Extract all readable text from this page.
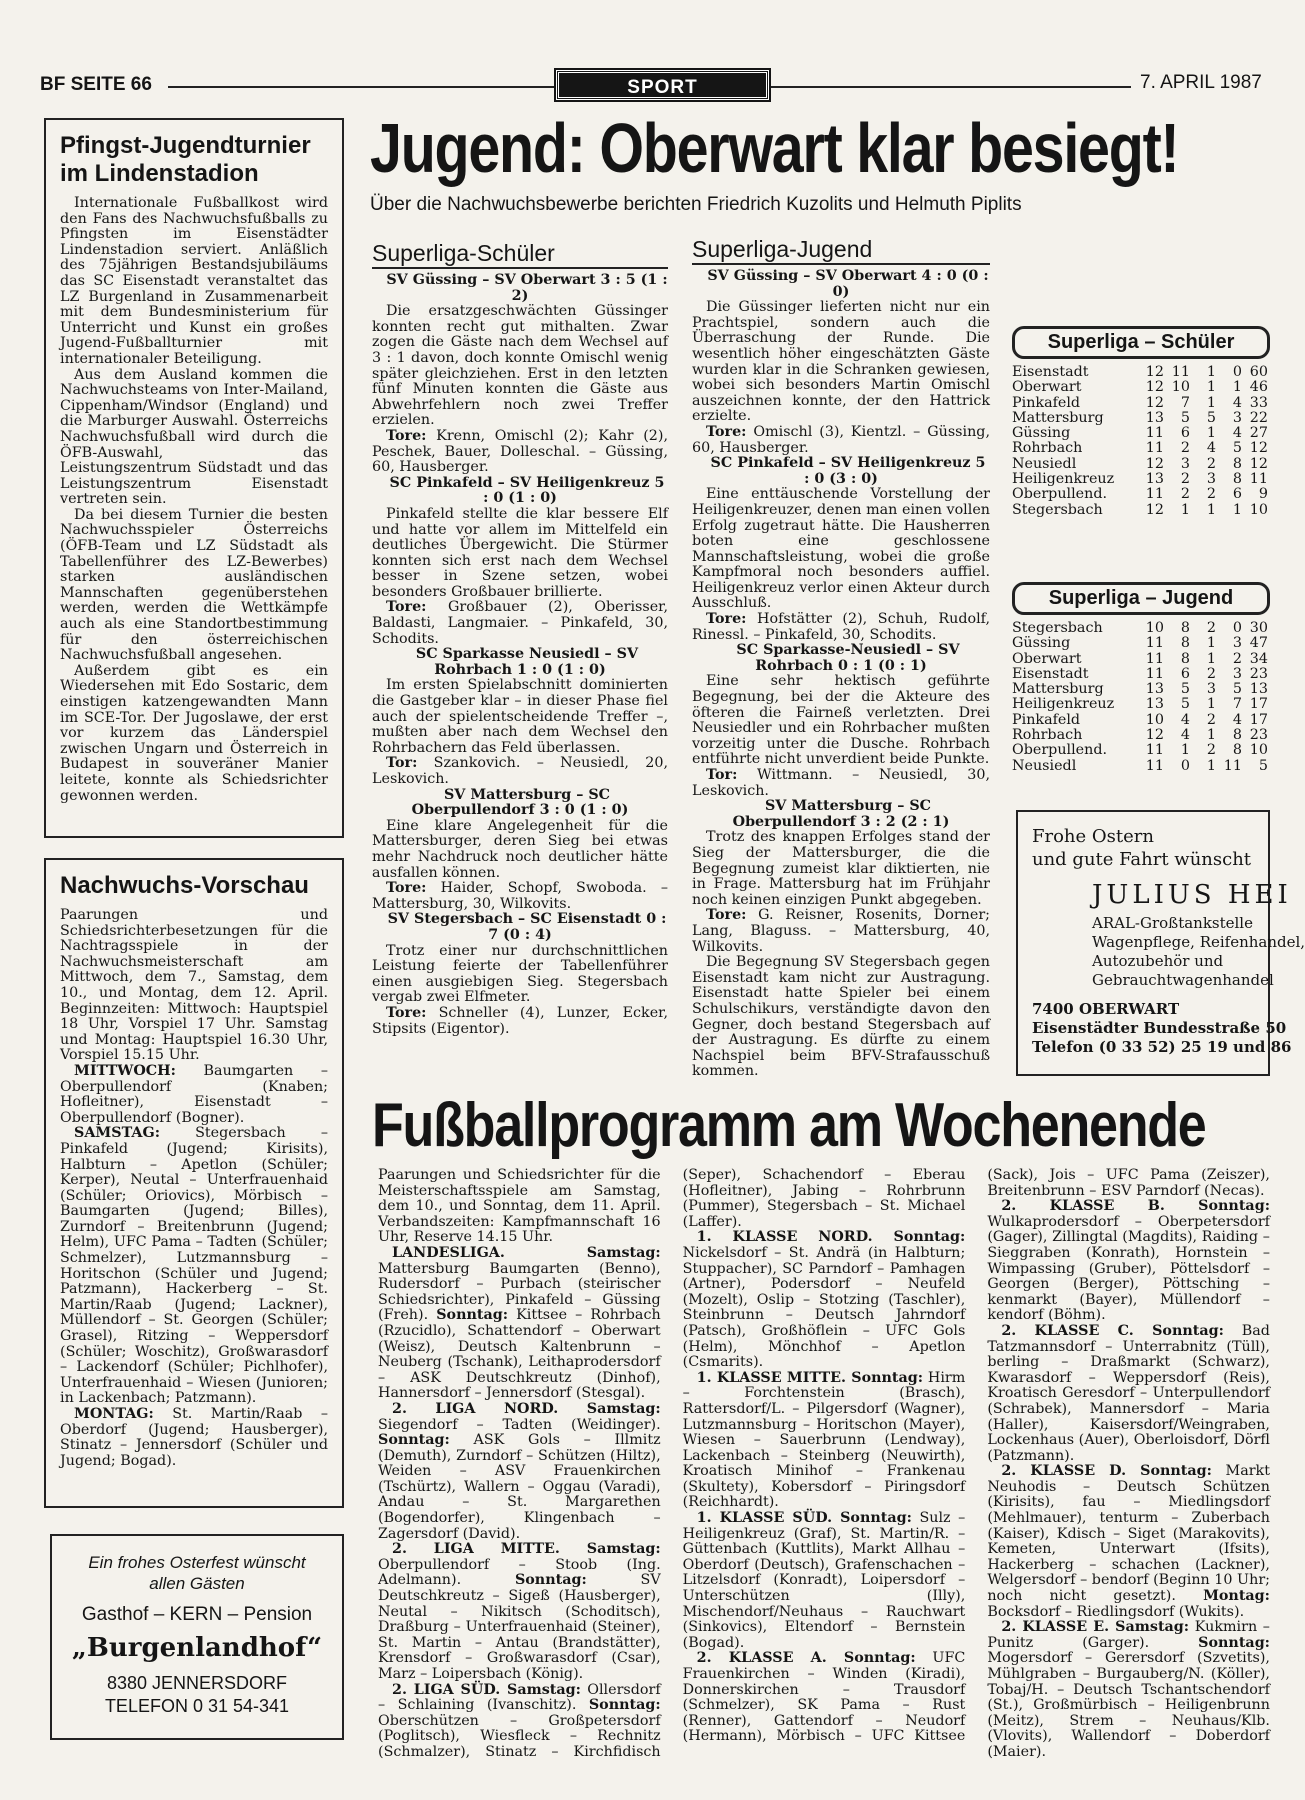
BF SEITE 66	SPORT	7. APRIL 1987
Jugend: Oberwart klar besiegt!
Über die Nachwuchsbewerbe berichten Friedrich Kuzolits und Helmuth Piplits
Pfingst-Jugendturnier im Lindenstadion

Internationale Fußballkost wird den Fans des Nachwuchsfußballs zu Pfingsten im Eisenstädter Lindenstadion serviert. Anläßlich des 75jährigen Bestandsjubiläums das SC Eisenstadt veranstaltet das LZ Burgenland in Zusammenarbeit mit dem Bundesministerium für Unterricht und Kunst ein großes Jugend-Fußballturnier mit internationaler Beteiligung.

Aus dem Ausland kommen die Nachwuchsteams von Inter-Mailand, Cippenham/Windsor (England) und die Marburger Auswahl. Österreichs Nachwuchsfußball wird durch die ÖFB-Auswahl, das Leistungszentrum Südstadt und das Leistungszentrum Eisenstadt vertreten sein.

Da bei diesem Turnier die besten Nachwuchsspieler Österreichs (ÖFB-Team und LZ Südstadt als Tabellenführer des LZ-Bewerbes) starken ausländischen Mannschaften gegenüberstehen werden, werden die Wettkämpfe auch als eine Standortbestimmung für den österreichischen Nachwuchsfußball angesehen.

Außerdem gibt es ein Wiedersehen mit Edo Sostaric, dem einstigen katzengewandten Mann im SCE-Tor. Der Jugoslawe, der erst vor kurzem das Länderspiel zwischen Ungarn und Österreich in Budapest in souveräner Manier leitete, konnte als Schiedsrichter gewonnen werden.

Nachwuchs-Vorschau

Paarungen und Schiedsrichterbesetzungen für die Nachtragsspiele in der Nachwuchsmeisterschaft am Mittwoch, dem 7., Samstag, dem 10., und Montag, dem 12. April. Beginnzeiten: Mittwoch: Hauptspiel 18 Uhr, Vorspiel 17 Uhr. Samstag und Montag: Hauptspiel 16.30 Uhr, Vorspiel 15.15 Uhr.

MITTWOCH: Baumgarten – Oberpullendorf (Knaben; Hofleitner), Eisenstadt – Oberpullendorf (Bogner).

SAMSTAG: Stegersbach – Pinkafeld (Jugend; Kirisits), Halbturn – Apetlon (Schüler; Kerper), Neutal – Unterfrauenhaid (Schüler; Oriovics), Mörbisch – Baumgarten (Jugend; Billes), Zurndorf – Breitenbrunn (Jugend; Helm), UFC Pama – Tadten (Schüler; Schmelzer), Lutzmannsburg – Horitschon (Schüler und Jugend; Patzmann), Hackerberg – St. Martin/Raab (Jugend; Lackner), Müllendorf – St. Georgen (Schüler; Grasel), Ritzing – Weppersdorf (Schüler; Woschitz), Großwarasdorf – Lackendorf (Schüler; Pichlhofer), Unterfrauenhaid – Wiesen (Junioren; in Lackenbach; Patzmann).

MONTAG: St. Martin/Raab – Oberdorf (Jugend; Hausberger), Stinatz – Jennersdorf (Schüler und Jugend; Bogad).

Ein frohes Osterfest wünscht
allen Gästen
Gasthof – KERN – Pension
„Burgenlandhof“
8380 JENNERSDORF
TELEFON 0 31 54-341
Superliga-Schüler

SV Güssing – SV Oberwart 3 : 5 (1 : 2)

Die ersatzgeschwächten Güssinger konnten recht gut mithalten. Zwar zogen die Gäste nach dem Wechsel auf 3 : 1 davon, doch konnte Omischl wenig später gleichziehen. Erst in den letzten fünf Minuten konnten die Gäste aus Abwehrfehlern noch zwei Treffer erzielen.

Tore: Krenn, Omischl (2); Kahr (2), Peschek, Bauer, Dolleschal. – Güssing, 60, Hausberger.

SC Pinkafeld – SV Heiligenkreuz 5 : 0 (1 : 0)

Pinkafeld stellte die klar bessere Elf und hatte vor allem im Mittelfeld ein deutliches Übergewicht. Die Stürmer konnten sich erst nach dem Wechsel besser in Szene setzen, wobei besonders Großbauer brillierte.

Tore: Großbauer (2), Oberisser, Baldasti, Langmaier. – Pinkafeld, 30, Schodits.

SC Sparkasse Neusiedl – SV Rohrbach 1 : 0 (1 : 0)

Im ersten Spielabschnitt dominierten die Gastgeber klar – in dieser Phase fiel auch der spielentscheidende Treffer –, mußten aber nach dem Wechsel den Rohrbachern das Feld überlassen.

Tor: Szankovich. – Neusiedl, 20, Leskovich.

SV Mattersburg – SC Oberpullendorf 3 : 0 (1 : 0)

Eine klare Angelegenheit für die Mattersburger, deren Sieg bei etwas mehr Nachdruck noch deutlicher hätte ausfallen können.

Tore: Haider, Schopf, Swoboda. – Mattersburg, 30, Wilkovits.

SV Stegersbach – SC Eisenstadt 0 : 7 (0 : 4)

Trotz einer nur durchschnittlichen Leistung feierte der Tabellenführer einen ausgiebigen Sieg. Stegersbach vergab zwei Elfmeter.

Tore: Schneller (4), Lunzer, Ecker, Stipsits (Eigentor).

Superliga-Jugend

SV Güssing – SV Oberwart 4 : 0 (0 : 0)

Die Güssinger lieferten nicht nur ein Prachtspiel, sondern auch die Überraschung der Runde. Die wesentlich höher eingeschätzten Gäste wurden klar in die Schranken gewiesen, wobei sich besonders Martin Omischl auszeichnen konnte, der den Hattrick erzielte.

Tore: Omischl (3), Kientzl. – Güssing, 60, Hausberger.

SC Pinkafeld – SV Heiligenkreuz 5 : 0 (3 : 0)

Eine enttäuschende Vorstellung der Heiligenkreuzer, denen man einen vollen Erfolg zugetraut hätte. Die Hausherren boten eine geschlossene Mannschaftsleistung, wobei die große Kampfmoral noch besonders auffiel. Heiligenkreuz verlor einen Akteur durch Ausschluß.

Tore: Hofstätter (2), Schuh, Rudolf, Rinessl. – Pinkafeld, 30, Schodits.

SC Sparkasse-Neusiedl – SV Rohrbach 0 : 1 (0 : 1)

Eine sehr hektisch geführte Begegnung, bei der die Akteure des öfteren die Fairneß verletzten. Drei Neusiedler und ein Rohrbacher mußten vorzeitig unter die Dusche. Rohrbach entführte nicht unverdient beide Punkte.

Tor: Wittmann. – Neusiedl, 30, Leskovich.

SV Mattersburg – SC Oberpullendorf 3 : 2 (2 : 1)

Trotz des knappen Erfolges stand der Sieg der Mattersburger, die die Begegnung zumeist klar diktierten, nie in Frage. Mattersburg hat im Frühjahr noch keinen einzigen Punkt abgegeben.

Tore: G. Reisner, Rosenits, Dorner; Lang, Blaguss. – Mattersburg, 40, Wilkovits.

Die Begegnung SV Stegersbach gegen Eisenstadt kam nicht zur Austragung. Eisenstadt hatte Spieler bei einem Schulschikurs, verständigte davon den Gegner, doch bestand Stegersbach auf der Austragung. Es dürfte zu einem Nachspiel beim BFV-Strafausschuß kommen.

Superliga – Schüler
Eisenstadt	12	11	1	0	60
Oberwart	12	10	1	1	46
Pinkafeld	12	7	1	4	33
Mattersburg	13	5	5	3	22
Güssing	11	6	1	4	27
Rohrbach	11	2	4	5	12
Neusiedl	12	3	2	8	12
Heiligenkreuz	13	2	3	8	11
Oberpullend.	11	2	2	6	9
Stegersbach	12	1	1	1	10
Superliga – Jugend
Stegersbach	10	8	2	0	30
Güssing	11	8	1	3	47
Oberwart	11	8	1	2	34
Eisenstadt	11	6	2	3	23
Mattersburg	13	5	3	5	13
Heiligenkreuz	13	5	1	7	17
Pinkafeld	10	4	2	4	17
Rohrbach	12	4	1	8	23
Oberpullend.	11	1	2	8	10
Neusiedl	11	0	1	11	5
Frohe Ostern
und gute Fahrt wünscht
JULIUS HEI
ARAL-Großtankstelle
Wagenpflege, Reifenhandel,
Autozubehör und
Gebrauchtwagenhandel
7400 OBERWART
Eisenstädter Bundesstraße 50
Telefon (0 33 52) 25 19 und 86
Fußballprogramm am Wochenende

Paarungen und Schiedsrichter für die Meisterschaftsspiele am Samstag, dem 10., und Sonntag, dem 11. April. Verbandszeiten: Kampfmannschaft 16 Uhr, Reserve 14.15 Uhr.

LANDESLIGA. Samstag: Mattersburg Baumgarten (Benno), Rudersdorf – Purbach (steirischer Schiedsrichter), Pinkafeld – Güssing (Freh). Sonntag: Kittsee – Rohrbach (Rzucidlo), Schattendorf – Oberwart (Weisz), Deutsch Kaltenbrunn – Neuberg (Tschank), Leithaprodersdorf – ASK Deutschkreutz (Dinhof), Hannersdorf – Jennersdorf (Stesgal).

2. LIGA NORD. Samstag: Siegendorf – Tadten (Weidinger). Sonntag: ASK Gols – Illmitz (Demuth), Zurndorf – Schützen (Hiltz), Weiden – ASV Frauenkirchen (Tschürtz), Wallern – Oggau (Varadi), Andau – St. Margarethen (Bogendorfer), Klingenbach – Zagersdorf (David).

2. LIGA MITTE. Samstag: Oberpullendorf – Stoob (Ing. Adelmann). Sonntag: SV Deutschkreutz – Sigeß (Hausberger), Neutal – Nikitsch (Schoditsch), Draßburg – Unterfrauenhaid (Steiner), St. Martin – Antau (Brandstätter), Krensdorf – Großwarasdorf (Csar), Marz – Loipersbach (König).

2. LIGA SÜD. Samstag: Ollersdorf – Schlaining (Ivanschitz). Sonntag: Oberschützen – Großpetersdorf (Poglitsch), Wiesfleck – Rechnitz (Schmalzer), Stinatz – Kirchfidisch (Seper), Schachendorf – Eberau (Hofleitner), Jabing – Rohrbrunn (Pummer), Stegersbach – St. Michael (Laffer).

1. KLASSE NORD. Sonntag: Nickelsdorf – St. Andrä (in Halbturn; Stuppacher), SC Parndorf – Pamhagen (Artner), Podersdorf – Neufeld (Mozelt), Oslip – Stotzing (Taschler), Steinbrunn – Deutsch Jahrndorf (Patsch), Großhöflein – UFC Gols (Helm), Mönchhof – Apetlon (Csmarits).

1. KLASSE MITTE. Sonntag: Hirm – Forchtenstein (Brasch), Rattersdorf/L. – Pilgersdorf (Wagner), Lutzmannsburg – Horitschon (Mayer), Wiesen – Sauerbrunn (Lendway), Lackenbach – Steinberg (Neuwirth), Kroatisch Minihof – Frankenau (Skultety), Kobersdorf – Piringsdorf (Reichhardt).

1. KLASSE SÜD. Sonntag: Sulz – Heiligenkreuz (Graf), St. Martin/R. – Güttenbach (Kuttlits), Markt Allhau – Oberdorf (Deutsch), Grafenschachen – Litzelsdorf (Konradt), Loipersdorf – Unterschützen (Illy), Mischendorf/Neuhaus – Rauchwart (Sinkovics), Eltendorf – Bernstein (Bogad).

2. KLASSE A. Sonntag: UFC Frauenkirchen – Winden (Kiradi), Donnerskirchen – Trausdorf (Schmelzer), SK Pama – Rust (Renner), Gattendorf – Neudorf (Hermann), Mörbisch – UFC Kittsee (Sack), Jois – UFC Pama (Zeiszer), Breitenbrunn – ESV Parndorf (Necas).

2. KLASSE B. Sonntag: Wulkaprodersdorf – Oberpetersdorf (Gager), Zillingtal (Magdits), Raiding – Sieggraben (Konrath), Hornstein – Wimpassing (Gruber), Pöttelsdorf – Georgen (Berger), Pöttsching – kenmarkt (Bayer), Müllendorf – kendorf (Böhm).

2. KLASSE C. Sonntag: Bad Tatzmannsdorf – Unterrabnitz (Tüll), berling – Draßmarkt (Schwarz), Kwarasdorf – Weppersdorf (Reis), Kroatisch Geresdorf – Unterpullendorf (Schrabek), Mannersdorf – Maria (Haller), Kaisersdorf/Weingraben, Lockenhaus (Auer), Oberloisdorf, Dörfl (Patzmann).

2. KLASSE D. Sonntag: Markt Neuhodis – Deutsch Schützen (Kirisits), fau – Miedlingsdorf (Mehlmauer), tenturm – Zuberbach (Kaiser), Kdisch – Siget (Marakovits), Kemeten, Unterwart (Ifsits), Hackerberg – schachen (Lackner), Welgersdorf – bendorf (Beginn 10 Uhr; noch nicht gesetzt). Montag: Bocksdorf – Riedlingsdorf (Wukits).

2. KLASSE E. Samstag: Kukmirn – Punitz (Garger). Sonntag: Mogersdorf – Gerersdorf (Szvetits), Mühlgraben – Burgauberg/N. (Köller), Tobaj/H. – Deutsch Tschantschendorf (St.), Großmürbisch – Heiligenbrunn (Meitz), Strem – Neuhaus/Klb. (Vlovits), Wallendorf – Doberdorf (Maier).
